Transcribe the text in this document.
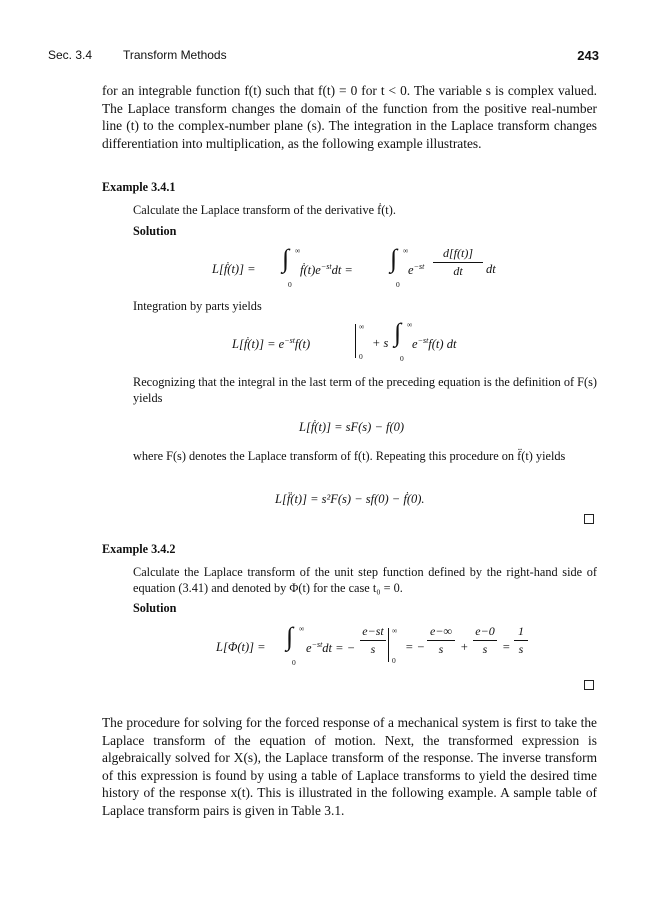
Sec. 3.4	Transform Methods	243
for an integrable function f(t) such that f(t) = 0 for t < 0. The variable s is complex valued. The Laplace transform changes the domain of the function from the positive real-number line (t) to the complex-number plane (s). The integration in the Laplace transform changes differentiation into multiplication, as the following example illustrates.
Example 3.4.1
Calculate the Laplace transform of the derivative ḟ(t).
Solution
L[ḟ(t)] = ∫ ∞
0
$ḟ(t)e^{-st}dt$ = ∫ ∞
0
$e^{-st}$
d[f(t)]
dt	dt
Integration by parts yields
L[ḟ(t)] = $e^{-st}f(t)$
∞
0
+ s ∫ ∞
0
$e^{-st}f(t)$ dt
Recognizing that the integral in the last term of the preceding equation is the definition of F(s) yields
L[ḟ(t)] = sF(s) − f(0)
where F(s) denotes the Laplace transform of f(t). Repeating this procedure on f̈(t) yields
L[f̈(t)] = s²F(s) − sf(0) − ḟ(0).
Example 3.4.2
Calculate the Laplace transform of the unit step function defined by the right-hand side of equation (3.41) and denoted by Φ(t) for the case t₀ = 0.
Solution
L[Φ(t)] = ∫ ∞
0
$e^{-st}dt$ = −
e−st
s
∞
0
= −
e−∞
s	+
e−0
s	=
1
s
The procedure for solving for the forced response of a mechanical system is first to take the Laplace transform of the equation of motion. Next, the transformed expression is algebraically solved for X(s), the Laplace transform of the response. The inverse transform of this expression is found by using a table of Laplace transforms to yield the desired time history of the response x(t). This is illustrated in the following example. A sample table of Laplace transform pairs is given in Table 3.1.
